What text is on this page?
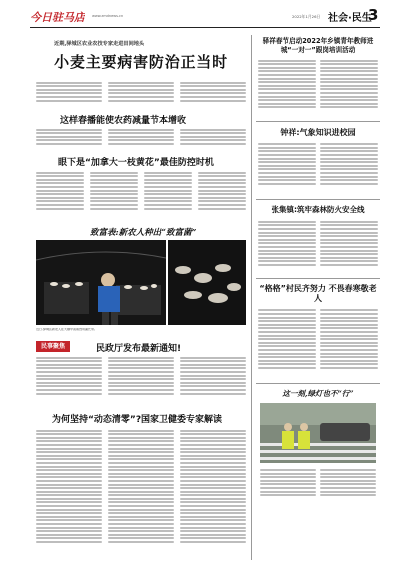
今日驻马店 www.zmdnews.cn	2022年1月26日 社会·民生
3
近期,驿城区农业农技专家走进田间地头
小麦主要病害防治正当时
这样春播能使农药减量节本增收
眼下是“加拿大一枝黄花”最佳防控时机
致富表:新农人种出“致富菌”
近日,驿城区新农人在大棚中查看食用菌长势。
民事聚焦	民政厅发布最新通知!
为何坚持“动态清零”?国家卫健委专家解读
驿祥春节启动2022年乡镇青年教师进城“一对一”跟岗培训活动
钟祥:气象知识进校园
张集镇:筑牢森林防火安全线
“格格”村民齐努力 不畏春寒敬老人
这一刻,绿灯也不“行”
